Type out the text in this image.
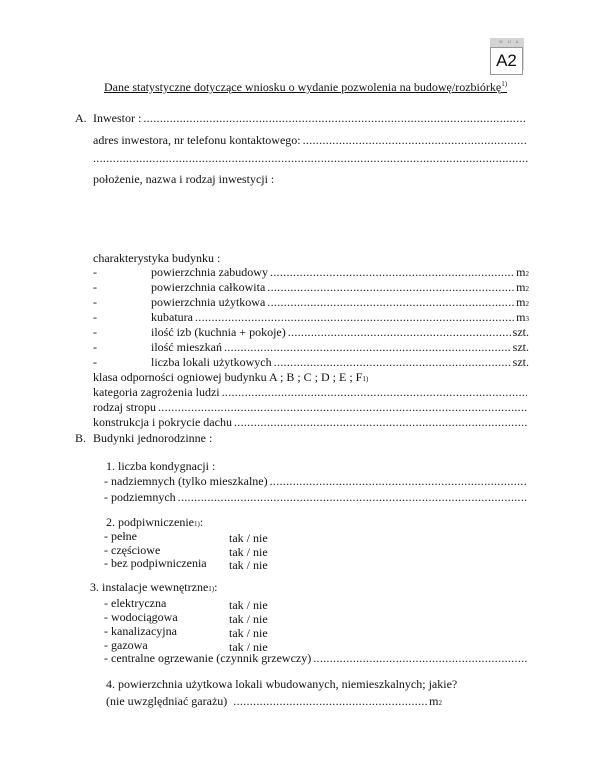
W U A
A2
Dane statystyczne dotyczące wniosku o wydanie pozwolenia na budowę/rozbiórkę$^{1)}$
A. Inwestor :
.....
adres inwestora, nr telefonu kontaktowego:
.....
.....
położenie, nazwa i rodzaj inwestycji :
charakterystyka budynku :
klasa odporności ogniowej budynku A ; B ; C ; D ; E ; F 1)
kategoria zagrożenia ludzi
.....
rodzaj stropu
.....
konstrukcja i pokrycie dachu
.....
B. Budynki jednorodzinne :
1. liczba kondygnacji :
- nadziemnych (tylko mieszkalne)
.....
- podziemnych
.....
2. podpiwniczenie 1) :
3. instalacje wewnętrzne 1) :
- centralne ogrzewanie (czynnik grzewczy)
.....
4. powierzchnia użytkowa lokali wbudowanych, niemieszkalnych; jakie?
(nie uwzględniać garażu) .....	m 2
-	powierzchnia zabudowy .....	m 2
-	powierzchnia całkowita .....	m 2
-	powierzchnia użytkowa .....	m 2
-	kubatura .....	m 3
-	ilość izb (kuchnia + pokoje) .....	szt.
-	ilość mieszkań .....	szt.
-	liczba lokali użytkowych .....	szt.
- pełne	tak / nie
- częściowe	tak / nie
- bez podpiwniczenia	tak / nie
- elektryczna	tak / nie
- wodociągowa	tak / nie
- kanalizacyjna	tak / nie
- gazowa	tak / nie
